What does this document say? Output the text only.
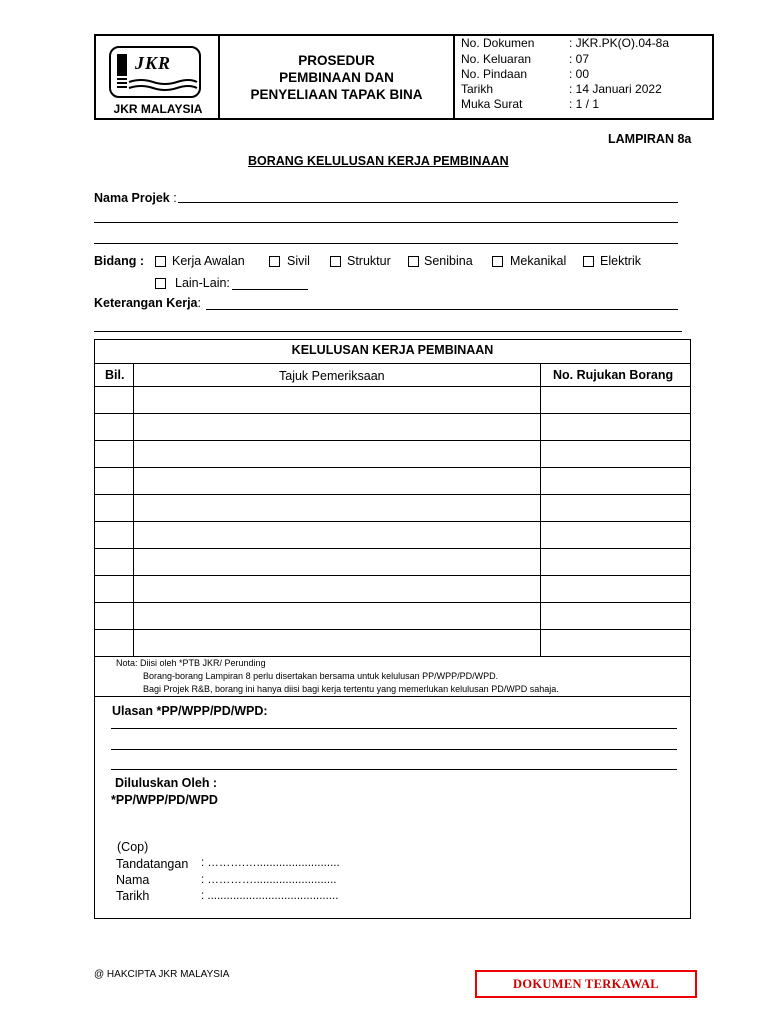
JKR
JKR MALAYSIA
PROSEDUR
PEMBINAAN DAN
PENYELIAAN TAPAK BINA
No. Dokumen	: JKR.PK(O).04-8a
No. Keluaran	: 07
No. Pindaan	: 00
Tarikh	: 14 Januari 2022
Muka Surat	: 1 / 1
LAMPIRAN 8a
BORANG KELULUSAN KERJA PEMBINAAN
Nama Projek :
Bidang : Kerja Awalan	Sivil	Struktur	Senibina	Mekanikal	Elektrik
Lain-Lain:
Keterangan Kerja:
KELULUSAN KERJA PEMBINAAN
Bil.	Tajuk Pemeriksaan	No. Rujukan Borang
Nota: Diisi oleh *PTB JKR/ Perunding
Borang-borang Lampiran 8 perlu disertakan bersama untuk kelulusan PP/WPP/PD/WPD.
Bagi Projek R&B, borang ini hanya diisi bagi kerja tertentu yang memerlukan kelulusan PD/WPD sahaja.
Ulasan *PP/WPP/PD/WPD:
Diluluskan Oleh :
*PP/WPP/PD/WPD
(Cop)
Tandatangan : ……….…..........................
Nama	: …………..........................
Tarikh	: .........................................
@ HAKCIPTA JKR MALAYSIA
DOKUMEN TERKAWAL
